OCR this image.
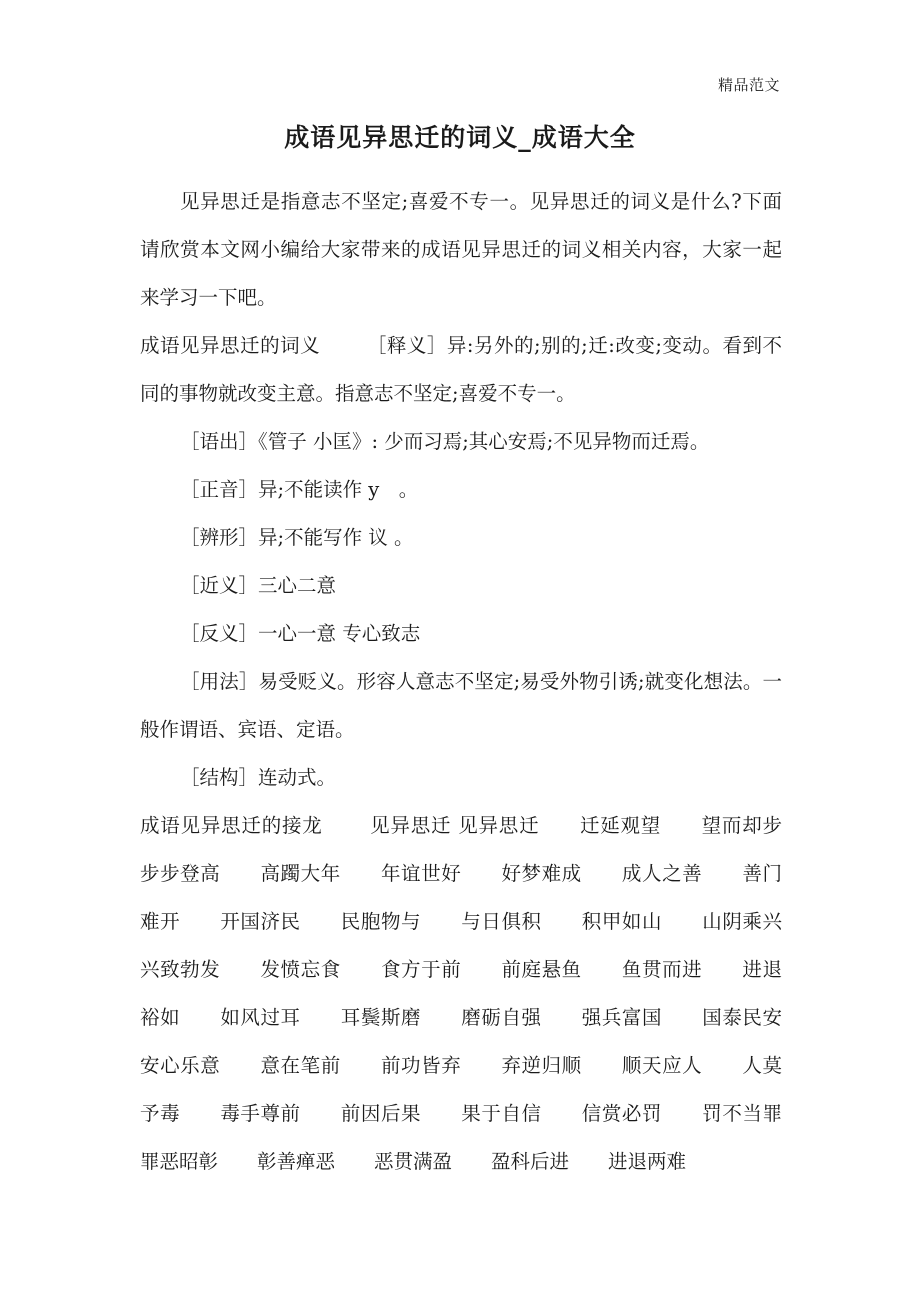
精品范文
成语见异思迁的词义_成语大全

见异思迁是指意志不坚定;喜爱不专一。见异思迁的词义是什么?下面请欣赏本文网小编给大家带来的成语见异思迁的词义相关内容，大家一起来学习一下吧。

成语见异思迁的词义　　 ［释义］异:另外的;别的;迁:改变;变动。看到不同的事物就改变主意。指意志不坚定;喜爱不专一。

［语出］《管子 小匡》: 少而习焉;其心安焉;不见异物而迁焉。

［正音］异;不能读作 y　。

［辨形］异;不能写作 议 。

［近义］三心二意

［反义］一心一意 专心致志

［用法］易受贬义。形容人意志不坚定;易受外物引诱;就变化想法。一般作谓语、宾语、定语。

［结构］连动式。

成语见异思迁的接龙　　 见异思迁 见异思迁　　迁延观望　　望而却步　　步步登高　　高躅大年　　年谊世好　　好梦难成　　成人之善　　善门难开　　开国济民　　民胞物与　　与日俱积　　积甲如山　　山阴乘兴　　兴致勃发　　发愤忘食　　食方于前　　前庭悬鱼　　鱼贯而进　　进退裕如　　如风过耳　　耳鬓斯磨　　磨砺自强　　强兵富国　　国泰民安　　安心乐意　　意在笔前　　前功皆弃　　弃逆归顺　　顺天应人　　人莫予毒　　毒手尊前　　前因后果　　果于自信　　信赏必罚　　罚不当罪　　罪恶昭彰　　彰善瘅恶　　恶贯满盈　　盈科后进　　进退两难
